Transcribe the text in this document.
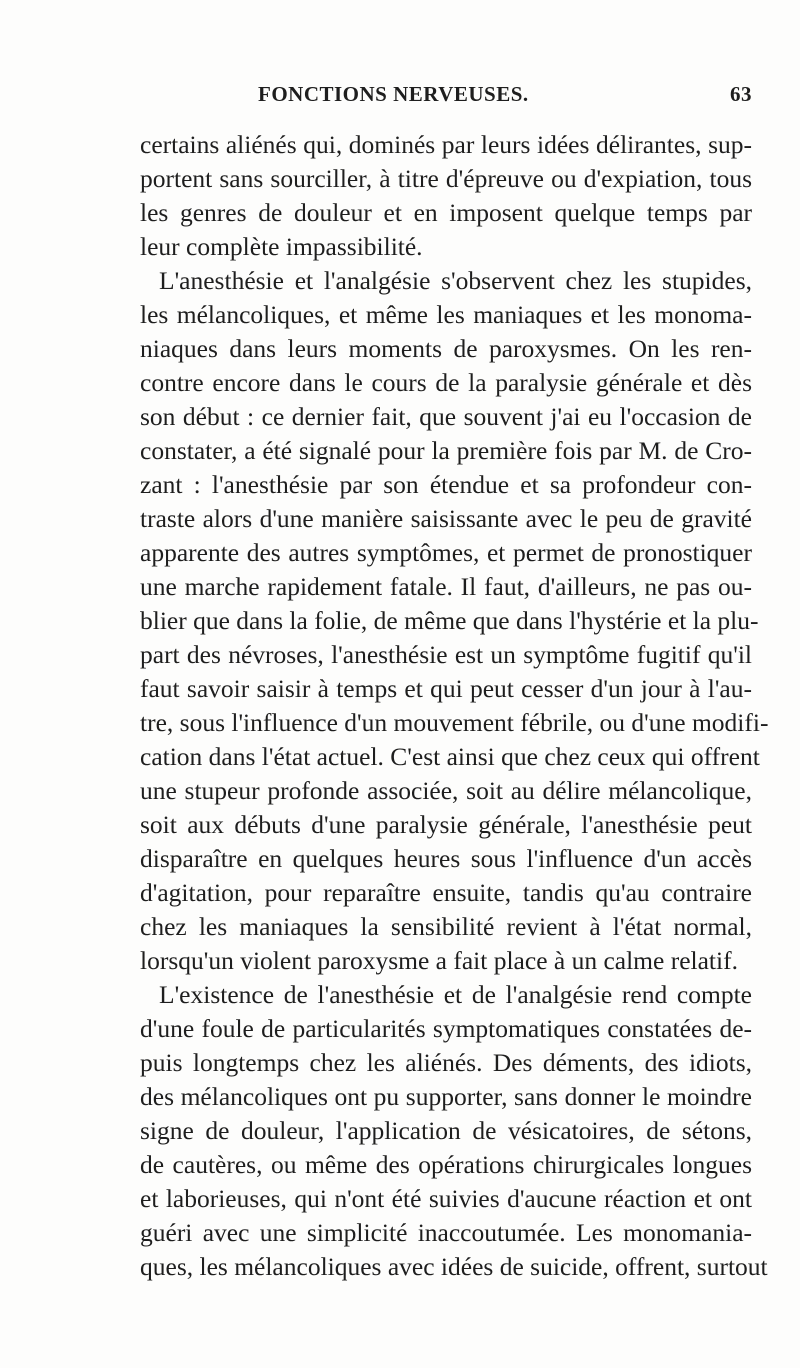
FONCTIONS NERVEUSES.	63
certains aliénés qui, dominés par leurs idées délirantes, sup-
portent sans sourciller, à titre d'épreuve ou d'expiation, tous
les genres de douleur et en imposent quelque temps par
leur complète impassibilité.
L'anesthésie et l'analgésie s'observent chez les stupides,
les mélancoliques, et même les maniaques et les monoma-
niaques dans leurs moments de paroxysmes. On les ren-
contre encore dans le cours de la paralysie générale et dès
son début : ce dernier fait, que souvent j'ai eu l'occasion de
constater, a été signalé pour la première fois par M. de Cro-
zant : l'anesthésie par son étendue et sa profondeur con-
traste alors d'une manière saisissante avec le peu de gravité
apparente des autres symptômes, et permet de pronostiquer
une marche rapidement fatale. Il faut, d'ailleurs, ne pas ou-
blier que dans la folie, de même que dans l'hystérie et la plu-
part des névroses, l'anesthésie est un symptôme fugitif qu'il
faut savoir saisir à temps et qui peut cesser d'un jour à l'au-
tre, sous l'influence d'un mouvement fébrile, ou d'une modifi-
cation dans l'état actuel. C'est ainsi que chez ceux qui offrent
une stupeur profonde associée, soit au délire mélancolique,
soit aux débuts d'une paralysie générale, l'anesthésie peut
disparaître en quelques heures sous l'influence d'un accès
d'agitation, pour reparaître ensuite, tandis qu'au contraire
chez les maniaques la sensibilité revient à l'état normal,
lorsqu'un violent paroxysme a fait place à un calme relatif.
L'existence de l'anesthésie et de l'analgésie rend compte
d'une foule de particularités symptomatiques constatées de-
puis longtemps chez les aliénés. Des déments, des idiots,
des mélancoliques ont pu supporter, sans donner le moindre
signe de douleur, l'application de vésicatoires, de sétons,
de cautères, ou même des opérations chirurgicales longues
et laborieuses, qui n'ont été suivies d'aucune réaction et ont
guéri avec une simplicité inaccoutumée. Les monomania-
ques, les mélancoliques avec idées de suicide, offrent, surtout
